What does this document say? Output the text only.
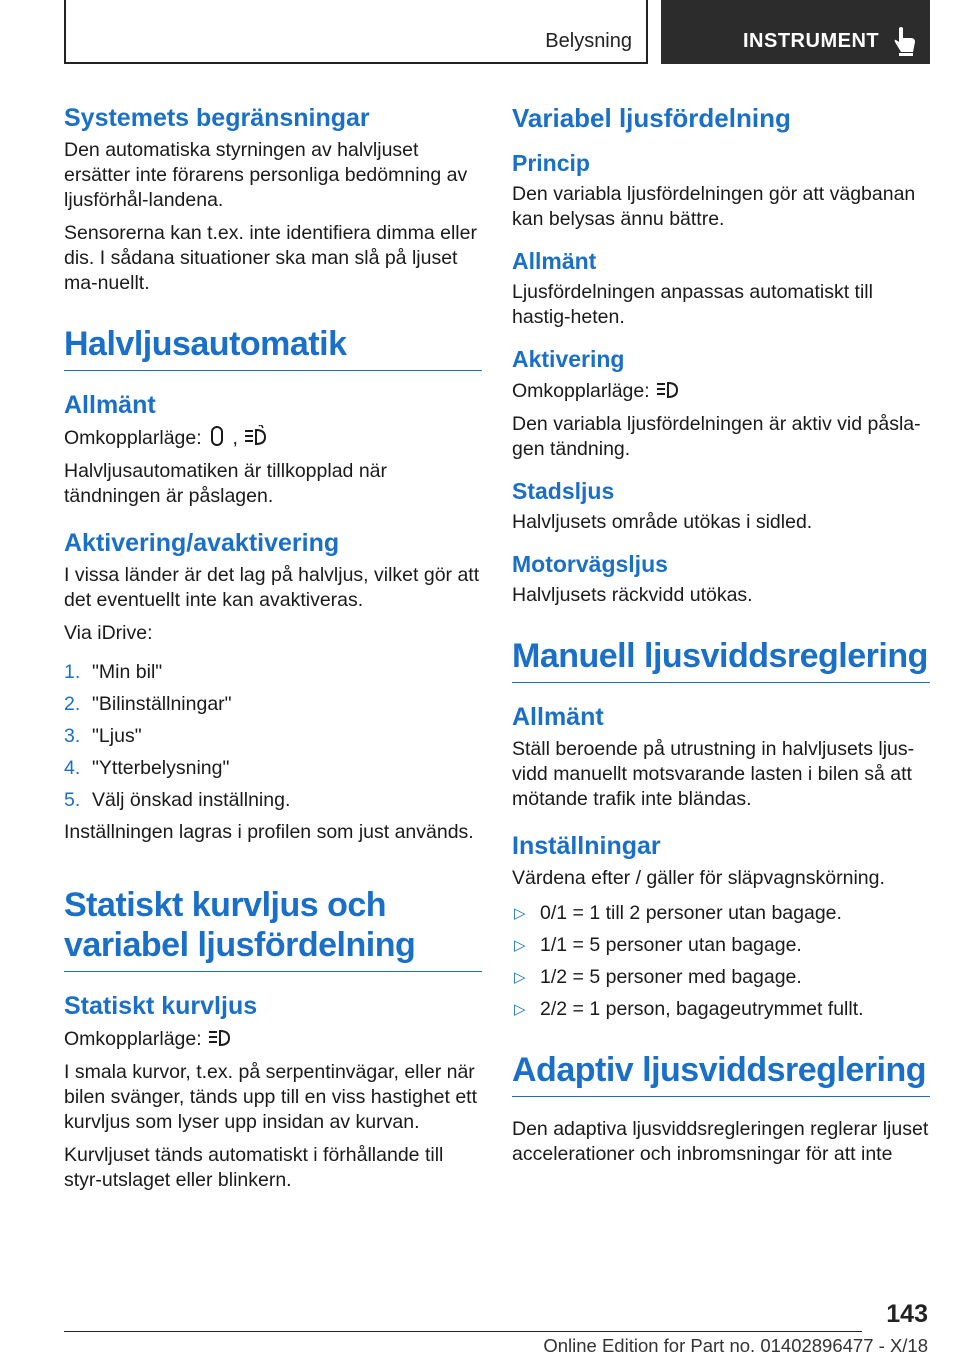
Belysning	INSTRUMENT
Systemets begränsningar

Den automatiska styrningen av halvljuset ersätter inte förarens personliga bedömning av ljusförhål-landena.

Sensorerna kan t.ex. inte identifiera dimma eller dis. I sådana situationer ska man slå på ljuset ma-nuellt.

Halvljusautomatik
Allmänt

Omkopplarläge: ,

Halvljusautomatiken är tillkopplad när tändningen är påslagen.

Aktivering/avaktivering

I vissa länder är det lag på halvljus, vilket gör att det eventuellt inte kan avaktiveras.

Via iDrive:

1. "Min bil"
2. "Bilinställningar"
3. "Ljus"
4. "Ytterbelysning"
5. Välj önskad inställning.

Inställningen lagras i profilen som just används.

Statiskt kurvljus och variabel ljusfördelning
Statiskt kurvljus

Omkopplarläge:

I smala kurvor, t.ex. på serpentinvägar, eller när bilen svänger, tänds upp till en viss hastighet ett kurvljus som lyser upp insidan av kurvan.

Kurvljuset tänds automatiskt i förhållande till styr-utslaget eller blinkern.

Variabel ljusfördelning
Princip

Den variabla ljusfördelningen gör att vägbanan kan belysas ännu bättre.

Allmänt

Ljusfördelningen anpassas automatiskt till hastig-heten.

Aktivering

Omkopplarläge:

Den variabla ljusfördelningen är aktiv vid påsla-gen tändning.

Stadsljus

Halvljusets område utökas i sidled.

Motorvägsljus

Halvljusets räckvidd utökas.

Manuell ljusviddsreglering
Allmänt

Ställ beroende på utrustning in halvljusets ljus-vidd manuellt motsvarande lasten i bilen så att mötande trafik inte bländas.

Inställningar

Värdena efter / gäller för släpvagnskörning.

▷ 0/1 = 1 till 2 personer utan bagage.
▷ 1/1 = 5 personer utan bagage.
▷ 1/2 = 5 personer med bagage.
▷ 2/2 = 1 person, bagageutrymmet fullt.
Adaptiv ljusviddsreglering

Den adaptiva ljusviddsregleringen reglerar ljuset accelerationer och inbromsningar för att inte

143
Online Edition for Part no. 01402896477 - X/18
